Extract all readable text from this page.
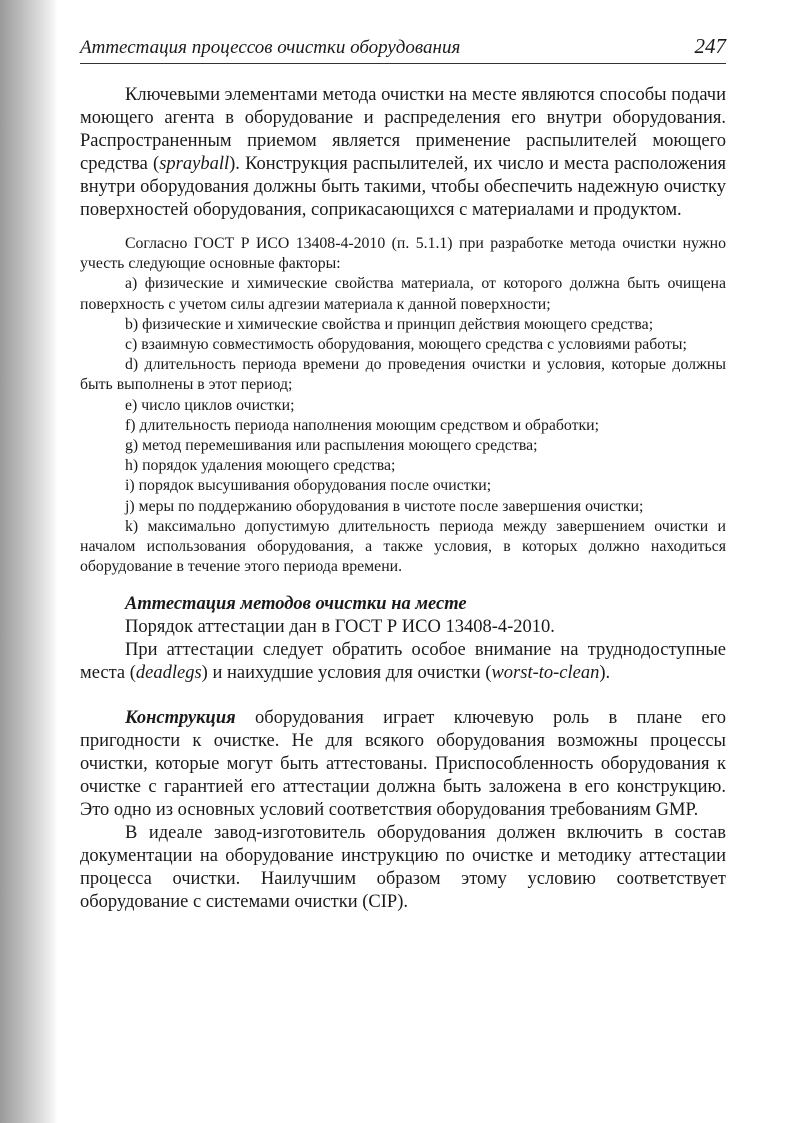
Аттестация процессов очистки оборудования	247

Ключевыми элементами метода очистки на месте являются способы подачи моющего агента в оборудование и распределения его внутри оборудования. Распространенным приемом является применение распылителей моющего средства (sprayball). Конструкция распылителей, их число и места расположения внутри оборудования должны быть такими, чтобы обеспечить надежную очистку поверхностей оборудования, соприкасающихся с материалами и продуктом.

Согласно ГОСТ Р ИСО 13408-4-2010 (п. 5.1.1) при разработке метода очистки нужно учесть следующие основные факторы:

a) физические и химические свойства материала, от которого должна быть очищена поверхность с учетом силы адгезии материала к данной поверхности;

b) физические и химические свойства и принцип действия моющего средства;

c) взаимную совместимость оборудования, моющего средства с условиями работы;

d) длительность периода времени до проведения очистки и условия, которые должны быть выполнены в этот период;

e) число циклов очистки;

f) длительность периода наполнения моющим средством и обработки;

g) метод перемешивания или распыления моющего средства;

h) порядок удаления моющего средства;

i) порядок высушивания оборудования после очистки;

j) меры по поддержанию оборудования в чистоте после завершения очистки;

k) максимально допустимую длительность периода между завершением очистки и началом использования оборудования, а также условия, в которых должно находиться оборудование в течение этого периода времени.

Аттестация методов очистки на месте

Порядок аттестации дан в ГОСТ Р ИСО 13408-4-2010.

При аттестации следует обратить особое внимание на труднодоступные места (deadlegs) и наихудшие условия для очистки (worst-to-clean).

Конструкция оборудования играет ключевую роль в плане его пригодности к очистке. Не для всякого оборудования возможны процессы очистки, которые могут быть аттестованы. Приспособленность оборудования к очистке с гарантией его аттестации должна быть заложена в его конструкцию. Это одно из основных условий соответствия оборудования требованиям GMP.

В идеале завод-изготовитель оборудования должен включить в состав документации на оборудование инструкцию по очистке и методику аттестации процесса очистки. Наилучшим образом этому условию соответствует оборудование с системами очистки (CIP).
